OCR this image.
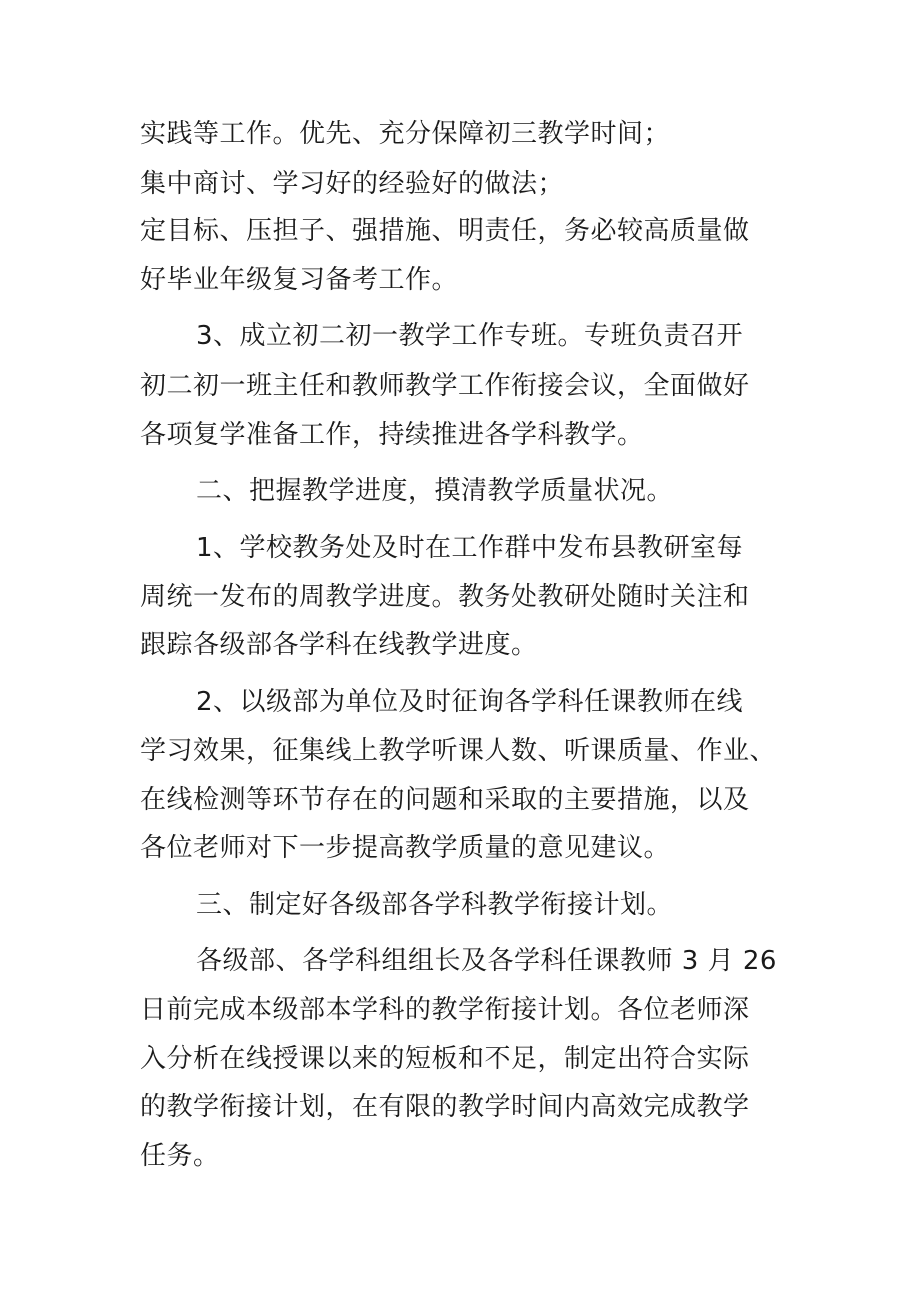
实践等工作。优先、充分保障初三教学时间；
集中商讨、学习好的经验好的做法；
定目标、压担子、强措施、明责任，务必较高质量做
好毕业年级复习备考工作。
3、成立初二初一教学工作专班。专班负责召开
初二初一班主任和教师教学工作衔接会议，全面做好
各项复学准备工作，持续推进各学科教学。
二、把握教学进度，摸清教学质量状况。
1、学校教务处及时在工作群中发布县教研室每
周统一发布的周教学进度。教务处教研处随时关注和
跟踪各级部各学科在线教学进度。
2、以级部为单位及时征询各学科任课教师在线
学习效果，征集线上教学听课人数、听课质量、作业、
在线检测等环节存在的问题和采取的主要措施，以及
各位老师对下一步提高教学质量的意见建议。
三、制定好各级部各学科教学衔接计划。
各级部、各学科组组长及各学科任课教师 3 月 26
日前完成本级部本学科的教学衔接计划。各位老师深
入分析在线授课以来的短板和不足，制定出符合实际
的教学衔接计划，在有限的教学时间内高效完成教学
任务。
